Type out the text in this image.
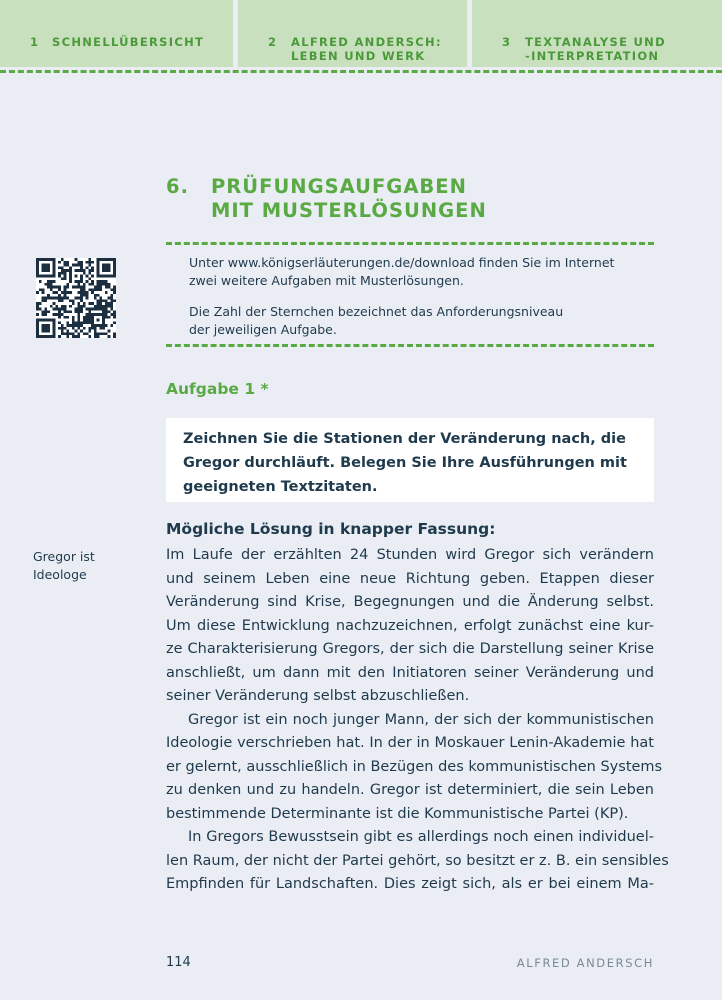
1 SCHNELLÜBERSICHT	2 ALFRED ANDERSCH:
LEBEN UND WERK
3 TEXTANALYSE UND
-INTERPRETATION
6. PRÜFUNGSAUFGABEN
MIT MUSTERLÖSUNGEN
Unter www.königserläuterungen.de/download finden Sie im Internet
zwei weitere Aufgaben mit Musterlösungen.
Die Zahl der Sternchen bezeichnet das Anforderungsniveau
der jeweiligen Aufgabe.
Aufgabe 1 *
Zeichnen Sie die Stationen der Veränderung nach, die Gregor durchläuft. Belegen Sie Ihre Ausführungen mit geeigneten Textzitaten.
Mögliche Lösung in knapper Fassung:
Gregor ist
Ideologe
Im Laufe der erzählten 24 Stunden wird Gregor sich verändern
und seinem Leben eine neue Richtung geben. Etappen dieser
Veränderung sind Krise, Begegnungen und die Änderung selbst.
Um diese Entwicklung nachzuzeichnen, erfolgt zunächst eine kur-
ze Charakterisierung Gregors, der sich die Darstellung seiner Krise
anschließt, um dann mit den Initiatoren seiner Veränderung und
seiner Veränderung selbst abzuschließen.
Gregor ist ein noch junger Mann, der sich der kommunistischen
Ideologie verschrieben hat. In der in Moskauer Lenin-Akademie hat
er gelernt, ausschließlich in Bezügen des kommunistischen Systems
zu denken und zu handeln. Gregor ist determiniert, die sein Leben
bestimmende Determinante ist die Kommunistische Partei (KP).
In Gregors Bewusstsein gibt es allerdings noch einen individuel-
len Raum, der nicht der Partei gehört, so besitzt er z. B. ein sensibles
Empfinden für Landschaften. Dies zeigt sich, als er bei einem Ma-
114	ALFRED ANDERSCH
